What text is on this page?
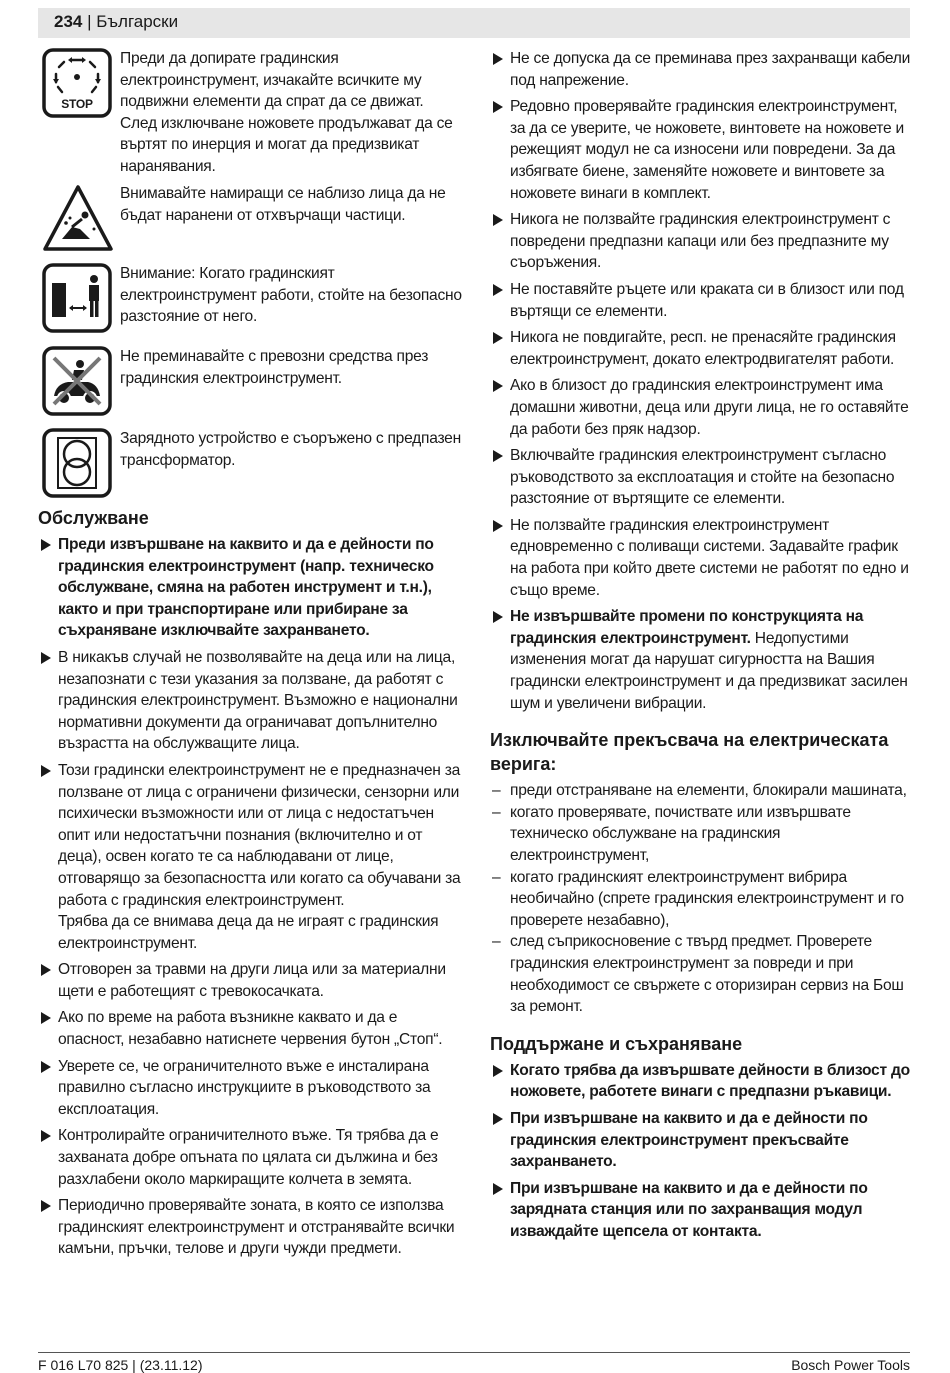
234 | Български
STOP
Преди да допирате градинския електроинструмент, изчакайте всичките му подвижни елементи да спрат да се движат. След изключване ножовете продължават да се въртят по инерция и могат да предизвикат наранявания.
Внимавайте намиращи се наблизо лица да не бъдат наранени от отхвърчащи частици.
Внимание: Когато градинският електроинструмент работи, стойте на безопасно разстояние от него.
Не преминавайте с превозни средства през градинския електроинструмент.
Зарядното устройство е съоръжено с предпазен трансформатор.
Обслужване
Преди извършване на каквито и да е дейности по градинския електроинструмент (напр. техническо обслужване, смяна на работен инструмент и т.н.), както и при транспортиране или прибиране за съхраняване изключвайте захранването.
В никакъв случай не позволявайте на деца или на лица, незапознати с тези указания за ползване, да работят с градинския електроинструмент. Възможно е национални нормативни документи да ограничават допълнително възрастта на обслужващите лица.
Този градински електроинструмент не е предназначен за ползване от лица с ограничени физически, сензорни или психически възможности или от лица с недостатъчен опит или недостатъчни познания (включително и от деца), освен когато те са наблюдавани от лице, отговарящо за безопасността или когато са обучавани за работа с градинския електроинструмент.
Трябва да се внимава деца да не играят с градинския електроинструмент.
Отговорен за травми на други лица или за материални щети е работещият с тревокосачката.
Ако по време на работа възникне каквато и да е опасност, незабавно натиснете червения бутон „Стоп“.
Уверете се, че ограничителното въже е инсталирана правилно съгласно инструкциите в ръководството за експлоатация.
Контролирайте ограничителното въже. Тя трябва да е захваната добре опъната по цялата си дължина и без разхлабени около маркиращите колчета в земята.
Периодично проверявайте зоната, в която се използва градинският електроинструмент и отстранявайте всички камъни, пръчки, телове и други чужди предмети.
Не се допуска да се преминава през захранващи кабели под напрежение.
Редовно проверявайте градинския електроинструмент, за да се уверите, че ножовете, винтовете на ножовете и режещият модул не са износени или повредени. За да избягвате биене, заменяйте ножовете и винтовете за ножовете винаги в комплект.
Никога не ползвайте градинския електроинструмент с повредени предпазни капаци или без предпазните му съоръжения.
Не поставяйте ръцете или краката си в близост или под въртящи се елементи.
Никога не повдигайте, респ. не пренасяйте градинския електроинструмент, докато електродвигателят работи.
Ако в близост до градинския електроинструмент има домашни животни, деца или други лица, не го оставяйте да работи без пряк надзор.
Включвайте градинския електроинструмент съгласно ръководството за експлоатация и стойте на безопасно разстояние от въртящите се елементи.
Не ползвайте градинския електроинструмент едновременно с поливащи системи. Задавайте график на работа при който двете системи не работят по едно и също време.
Не извършвайте промени по конструкцията на градинския електроинструмент. Недопустими изменения могат да нарушат сигурността на Вашия градински електроинструмент и да предизвикат засилен шум и увеличени вибрации.
Изключвайте прекъсвача на електрическата верига:
– преди отстраняване на елементи, блокирали машината,
– когато проверявате, почиствате или извършвате техническо обслужване на градинския електроинструмент,
– когато градинският електроинструмент вибрира необичайно (спрете градинския електроинструмент и го проверете незабавно),
– след съприкосновение с твърд предмет. Проверете градинския електроинструмент за повреди и при необходимост се свържете с оторизиран сервиз на Бош за ремонт.
Поддържане и съхраняване
Когато трябва да извършвате дейности в близост до ножовете, работете винаги с предпазни ръкавици.
При извършване на каквито и да е дейности по градинския електроинструмент прекъсвайте захранването.
При извършване на каквито и да е дейности по зарядната станция или по захранващия модул изваждайте щепсела от контакта.
F 016 L70 825 | (23.11.12)	Bosch Power Tools
